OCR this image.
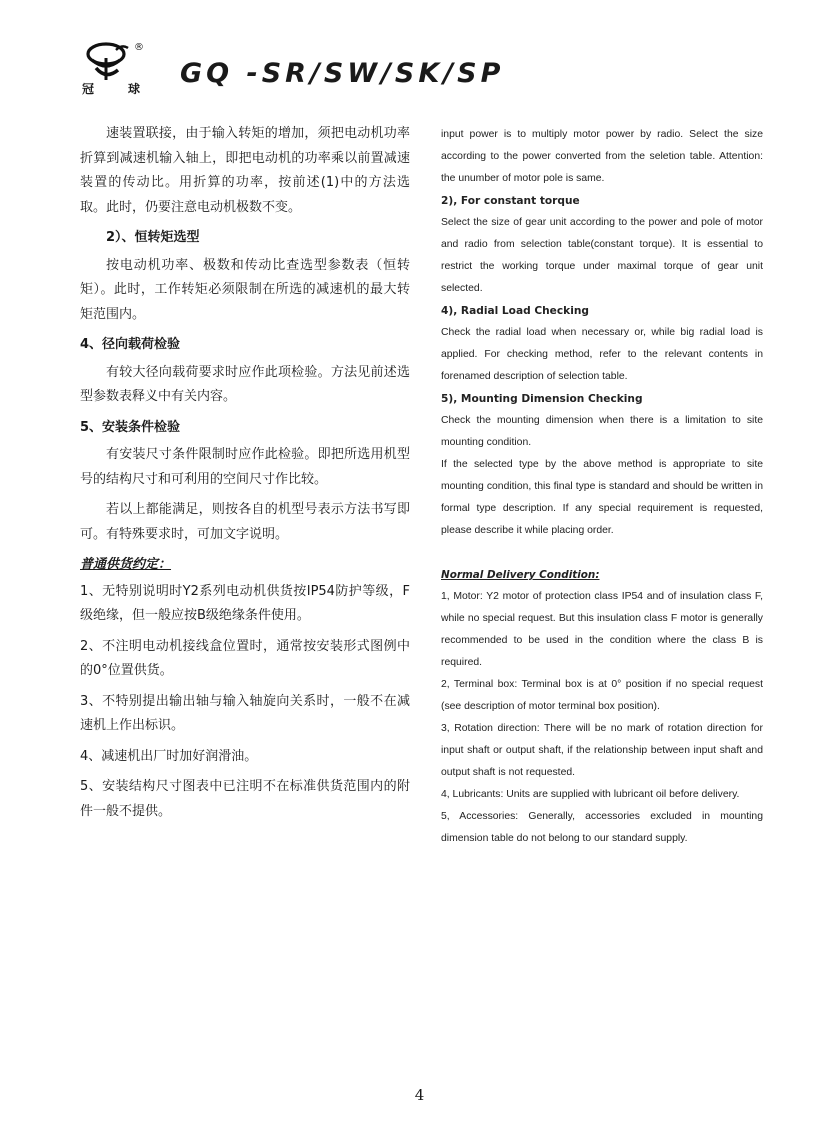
®
冠	球 GQ -SR/SW/SK/SP

速装置联接，由于输入转矩的增加，须把电动机功率折算到减速机输入轴上，即把电动机的功率乘以前置减速装置的传动比。用折算的功率，按前述(1)中的方法选取。此时，仍要注意电动机极数不变。

2）、恒转矩选型

按电动机功率、极数和传动比查选型参数表（恒转矩）。此时，工作转矩必须限制在所选的减速机的最大转矩范围内。

4、径向载荷检验

有较大径向载荷要求时应作此项检验。方法见前述选型参数表释义中有关内容。

5、安装条件检验

有安装尺寸条件限制时应作此检验。即把所选用机型号的结构尺寸和可利用的空间尺寸作比较。

若以上都能满足，则按各自的机型号表示方法书写即可。有特殊要求时，可加文字说明。

普通供货约定：

1、无特别说明时Y2系列电动机供货按IP54防护等级，F级绝缘，但一般应按B级绝缘条件使用。

2、不注明电动机接线盒位置时，通常按安装形式图例中的0°位置供货。

3、不特别提出输出轴与输入轴旋向关系时，一般不在减速机上作出标识。

4、减速机出厂时加好润滑油。

5、安装结构尺寸图表中已注明不在标准供货范围内的附件一般不提供。

input power is to multiply motor power by radio. Select the size according to the power converted from the seletion table. Attention: the unumber of motor pole is same.

2), For constant torque

Select the size of gear unit according to the power and pole of motor and radio from selection table(constant torque). It is essential to restrict the working torque under maximal torque of gear unit selected.

4), Radial Load Checking

Check the radial load when necessary or, while big radial load is applied. For checking method, refer to the relevant contents in forenamed description of selection table.

5), Mounting Dimension Checking

Check the mounting dimension when there is a limitation to site mounting condition.

If the selected type by the above method is appropriate to site mounting condition, this final type is standard and should be written in formal type description. If any special requirement is requested, please describe it while placing order.

Normal Delivery Condition:

1, Motor: Y2 motor of protection class IP54 and of insulation class F, while no special request. But this insulation class F motor is generally recommended to be used in the condition where the class B is required.

2, Terminal box: Terminal box is at 0° position if no special request (see description of motor terminal box position).

3, Rotation direction: There will be no mark of rotation direction for input shaft or output shaft, if the relationship between input shaft and output shaft is not requested.

4, Lubricants: Units are supplied with lubricant oil before delivery.

5, Accessories: Generally, accessories excluded in mounting dimension table do not belong to our standard supply.

4
